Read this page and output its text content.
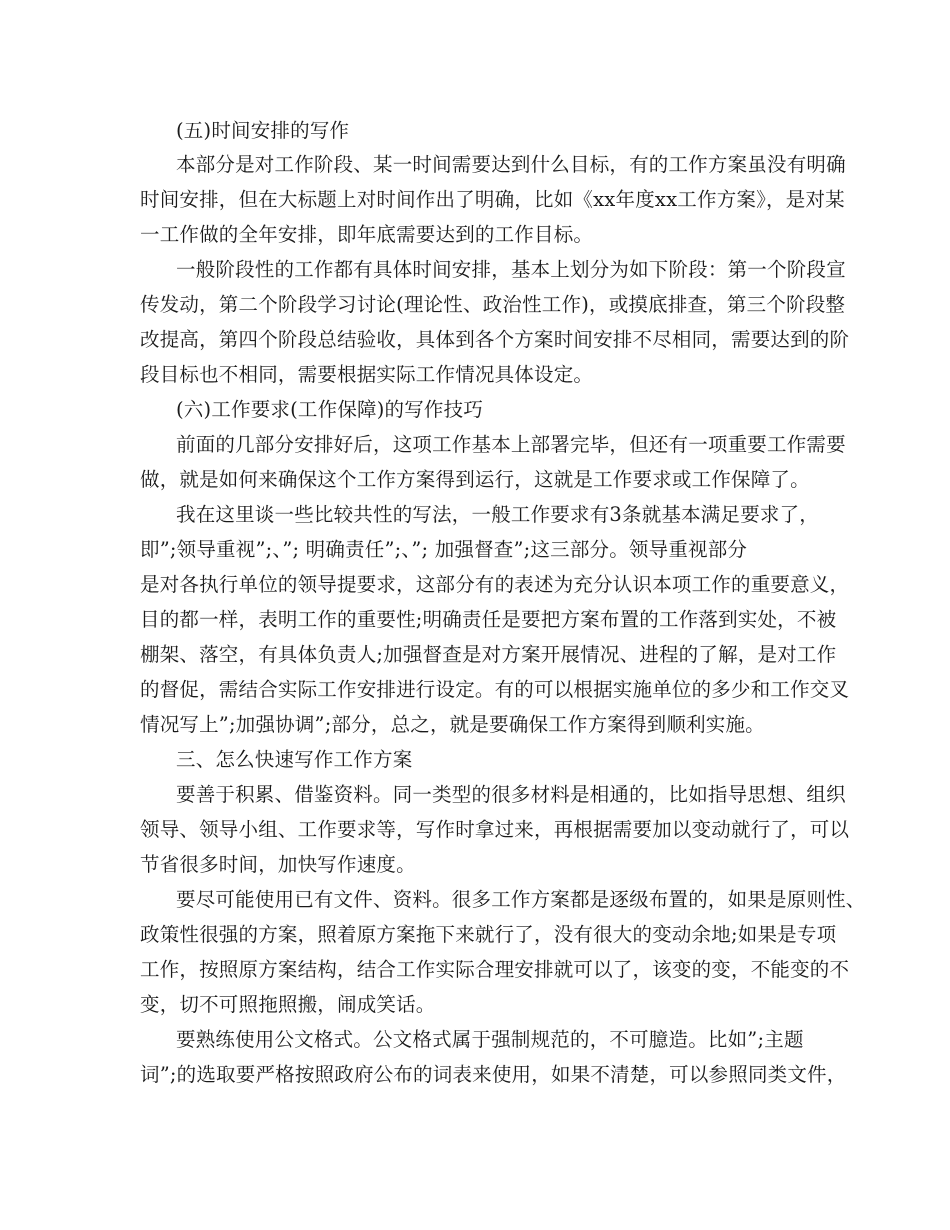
(五)时间安排的写作
本部分是对工作阶段、某一时间需要达到什么目标，有的工作方案虽没有明确
时间安排，但在大标题上对时间作出了明确，比如《xx年度xx工作方案》，是对某
一工作做的全年安排，即年底需要达到的工作目标。
一般阶段性的工作都有具体时间安排，基本上划分为如下阶段：第一个阶段宣
传发动，第二个阶段学习讨论(理论性、政治性工作)，或摸底排查，第三个阶段整
改提高，第四个阶段总结验收，具体到各个方案时间安排不尽相同，需要达到的阶
段目标也不相同，需要根据实际工作情况具体设定。
(六)工作要求(工作保障)的写作技巧
前面的几部分安排好后，这项工作基本上部署完毕，但还有一项重要工作需要
做，就是如何来确保这个工作方案得到运行，这就是工作要求或工作保障了。
我在这里谈一些比较共性的写法，一般工作要求有3条就基本满足要求了，
即”;领导重视”;、”; 明确责任”;、”; 加强督查”;这三部分。领导重视部分
是对各执行单位的领导提要求，这部分有的表述为充分认识本项工作的重要意义，
目的都一样，表明工作的重要性;明确责任是要把方案布置的工作落到实处，不被
棚架、落空，有具体负责人;加强督查是对方案开展情况、进程的了解，是对工作
的督促，需结合实际工作安排进行设定。有的可以根据实施单位的多少和工作交叉
情况写上”;加强协调”;部分，总之，就是要确保工作方案得到顺利实施。
三、怎么快速写作工作方案
要善于积累、借鉴资料。同一类型的很多材料是相通的，比如指导思想、组织
领导、领导小组、工作要求等，写作时拿过来，再根据需要加以变动就行了，可以
节省很多时间，加快写作速度。
要尽可能使用已有文件、资料。很多工作方案都是逐级布置的，如果是原则性、
政策性很强的方案，照着原方案拖下来就行了，没有很大的变动余地;如果是专项
工作，按照原方案结构，结合工作实际合理安排就可以了，该变的变，不能变的不
变，切不可照拖照搬，闹成笑话。
要熟练使用公文格式。公文格式属于强制规范的，不可臆造。比如”;主题
词”;的选取要严格按照政府公布的词表来使用，如果不清楚，可以参照同类文件，
